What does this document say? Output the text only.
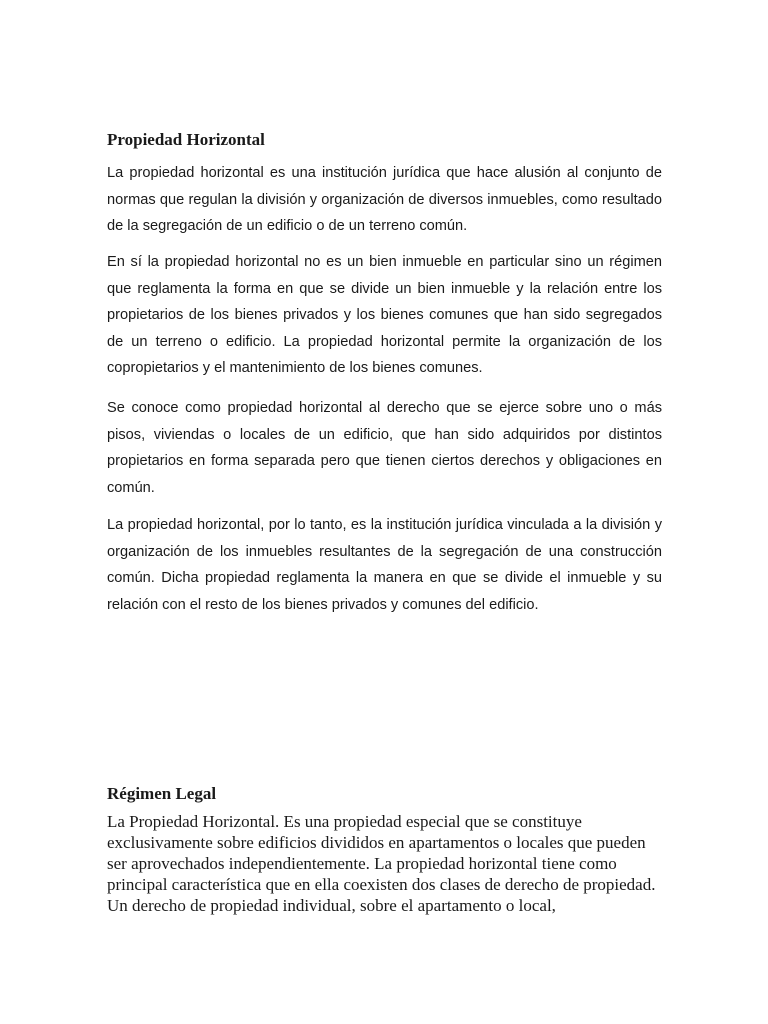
Propiedad Horizontal

La propiedad horizontal es una institución jurídica que hace alusión al conjunto de normas que regulan la división y organización de diversos inmuebles, como resultado de la segregación de un edificio o de un terreno común.

En sí la propiedad horizontal no es un bien inmueble en particular sino un régimen que reglamenta la forma en que se divide un bien inmueble y la relación entre los propietarios de los bienes privados y los bienes comunes que han sido segregados de un terreno o edificio. La propiedad horizontal permite la organización de los copropietarios y el mantenimiento de los bienes comunes.

Se conoce como propiedad horizontal al derecho que se ejerce sobre uno o más pisos, viviendas o locales de un edificio, que han sido adquiridos por distintos propietarios en forma separada pero que tienen ciertos derechos y obligaciones en común.

La propiedad horizontal, por lo tanto, es la institución jurídica vinculada a la división y organización de los inmuebles resultantes de la segregación de una construcción común. Dicha propiedad reglamenta la manera en que se divide el inmueble y su relación con el resto de los bienes privados y comunes del edificio.

Régimen Legal

La Propiedad Horizontal. Es una propiedad especial que se constituye exclusivamente sobre edificios divididos en apartamentos o locales que pueden ser aprovechados independientemente. La propiedad horizontal tiene como principal característica que en ella coexisten dos clases de derecho de propiedad. Un derecho de propiedad individual, sobre el apartamento o local,
